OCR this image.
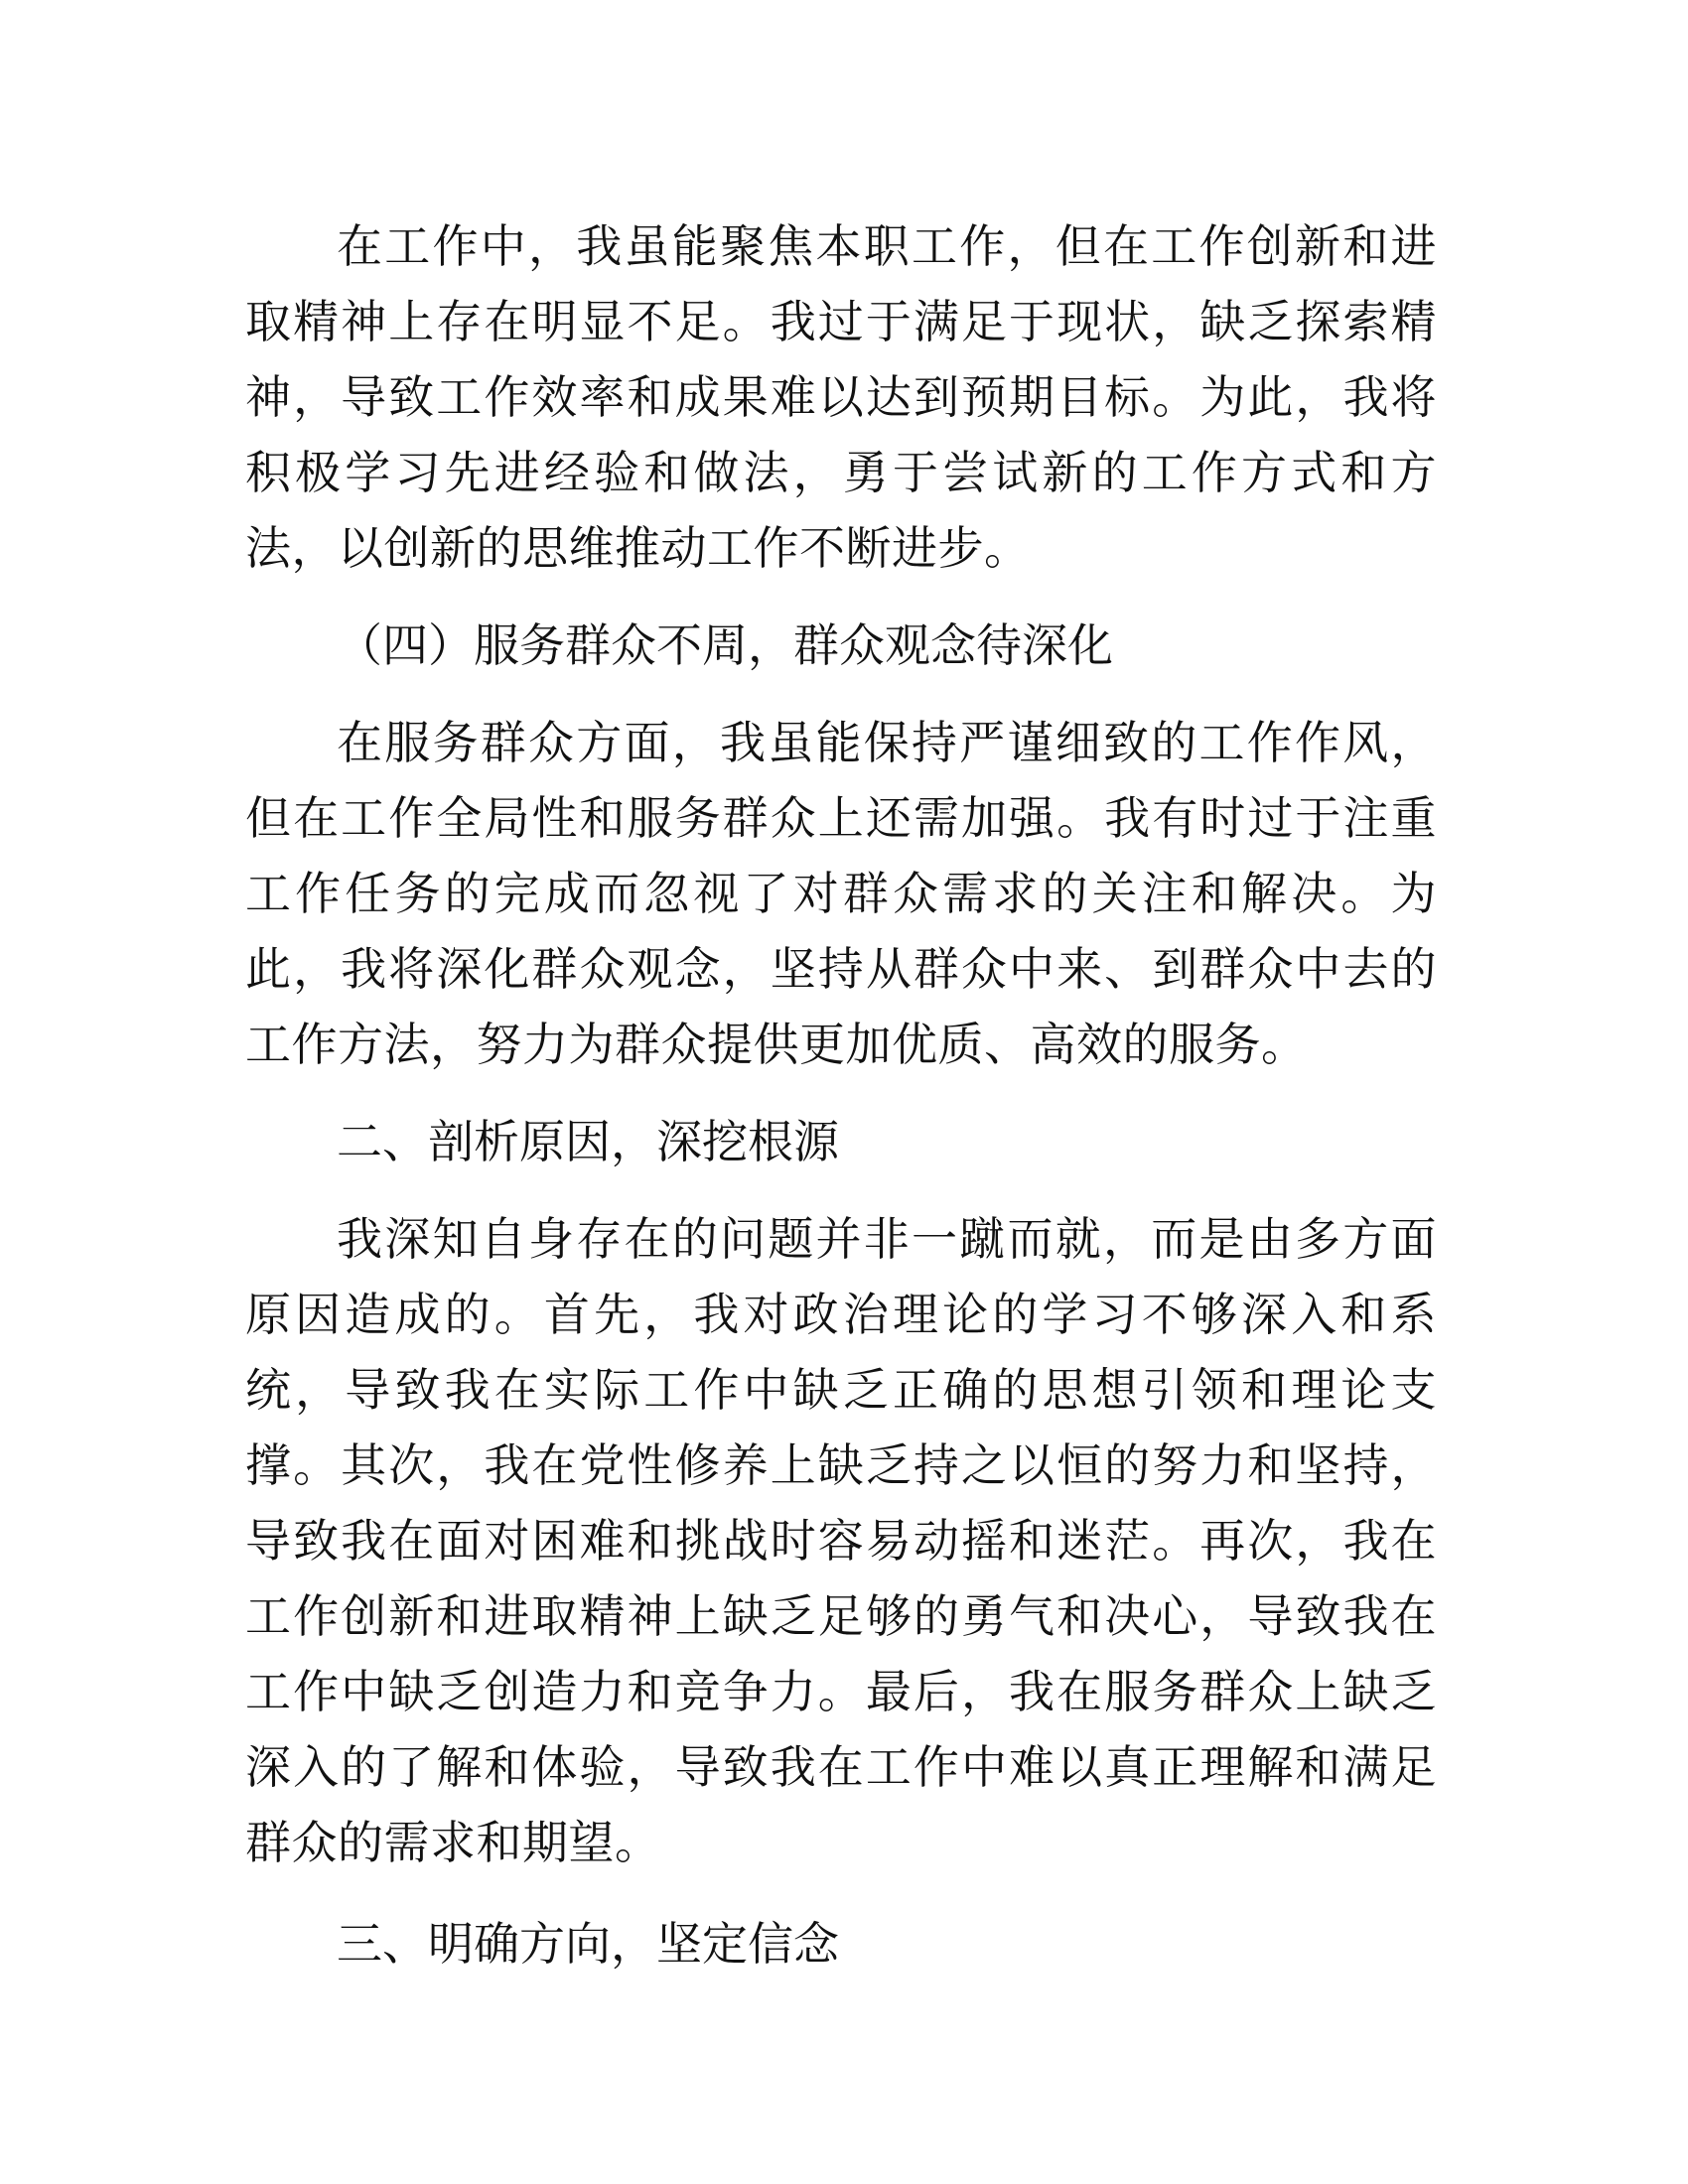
在工作中，我虽能聚焦本职工作，但在工作创新和进取精神上存在明显不足。我过于满足于现状，缺乏探索精神，导致工作效率和成果难以达到预期目标。为此，我将积极学习先进经验和做法，勇于尝试新的工作方式和方法，以创新的思维推动工作不断进步。

（四）服务群众不周，群众观念待深化

在服务群众方面，我虽能保持严谨细致的工作作风，但在工作全局性和服务群众上还需加强。我有时过于注重工作任务的完成而忽视了对群众需求的关注和解决。为此，我将深化群众观念，坚持从群众中来、到群众中去的工作方法，努力为群众提供更加优质、高效的服务。

二、剖析原因，深挖根源

我深知自身存在的问题并非一蹴而就，而是由多方面原因造成的。首先，我对政治理论的学习不够深入和系统，导致我在实际工作中缺乏正确的思想引领和理论支撑。其次，我在党性修养上缺乏持之以恒的努力和坚持，导致我在面对困难和挑战时容易动摇和迷茫。再次，我在工作创新和进取精神上缺乏足够的勇气和决心，导致我在工作中缺乏创造力和竞争力。最后，我在服务群众上缺乏深入的了解和体验，导致我在工作中难以真正理解和满足群众的需求和期望。

三、明确方向，坚定信念
